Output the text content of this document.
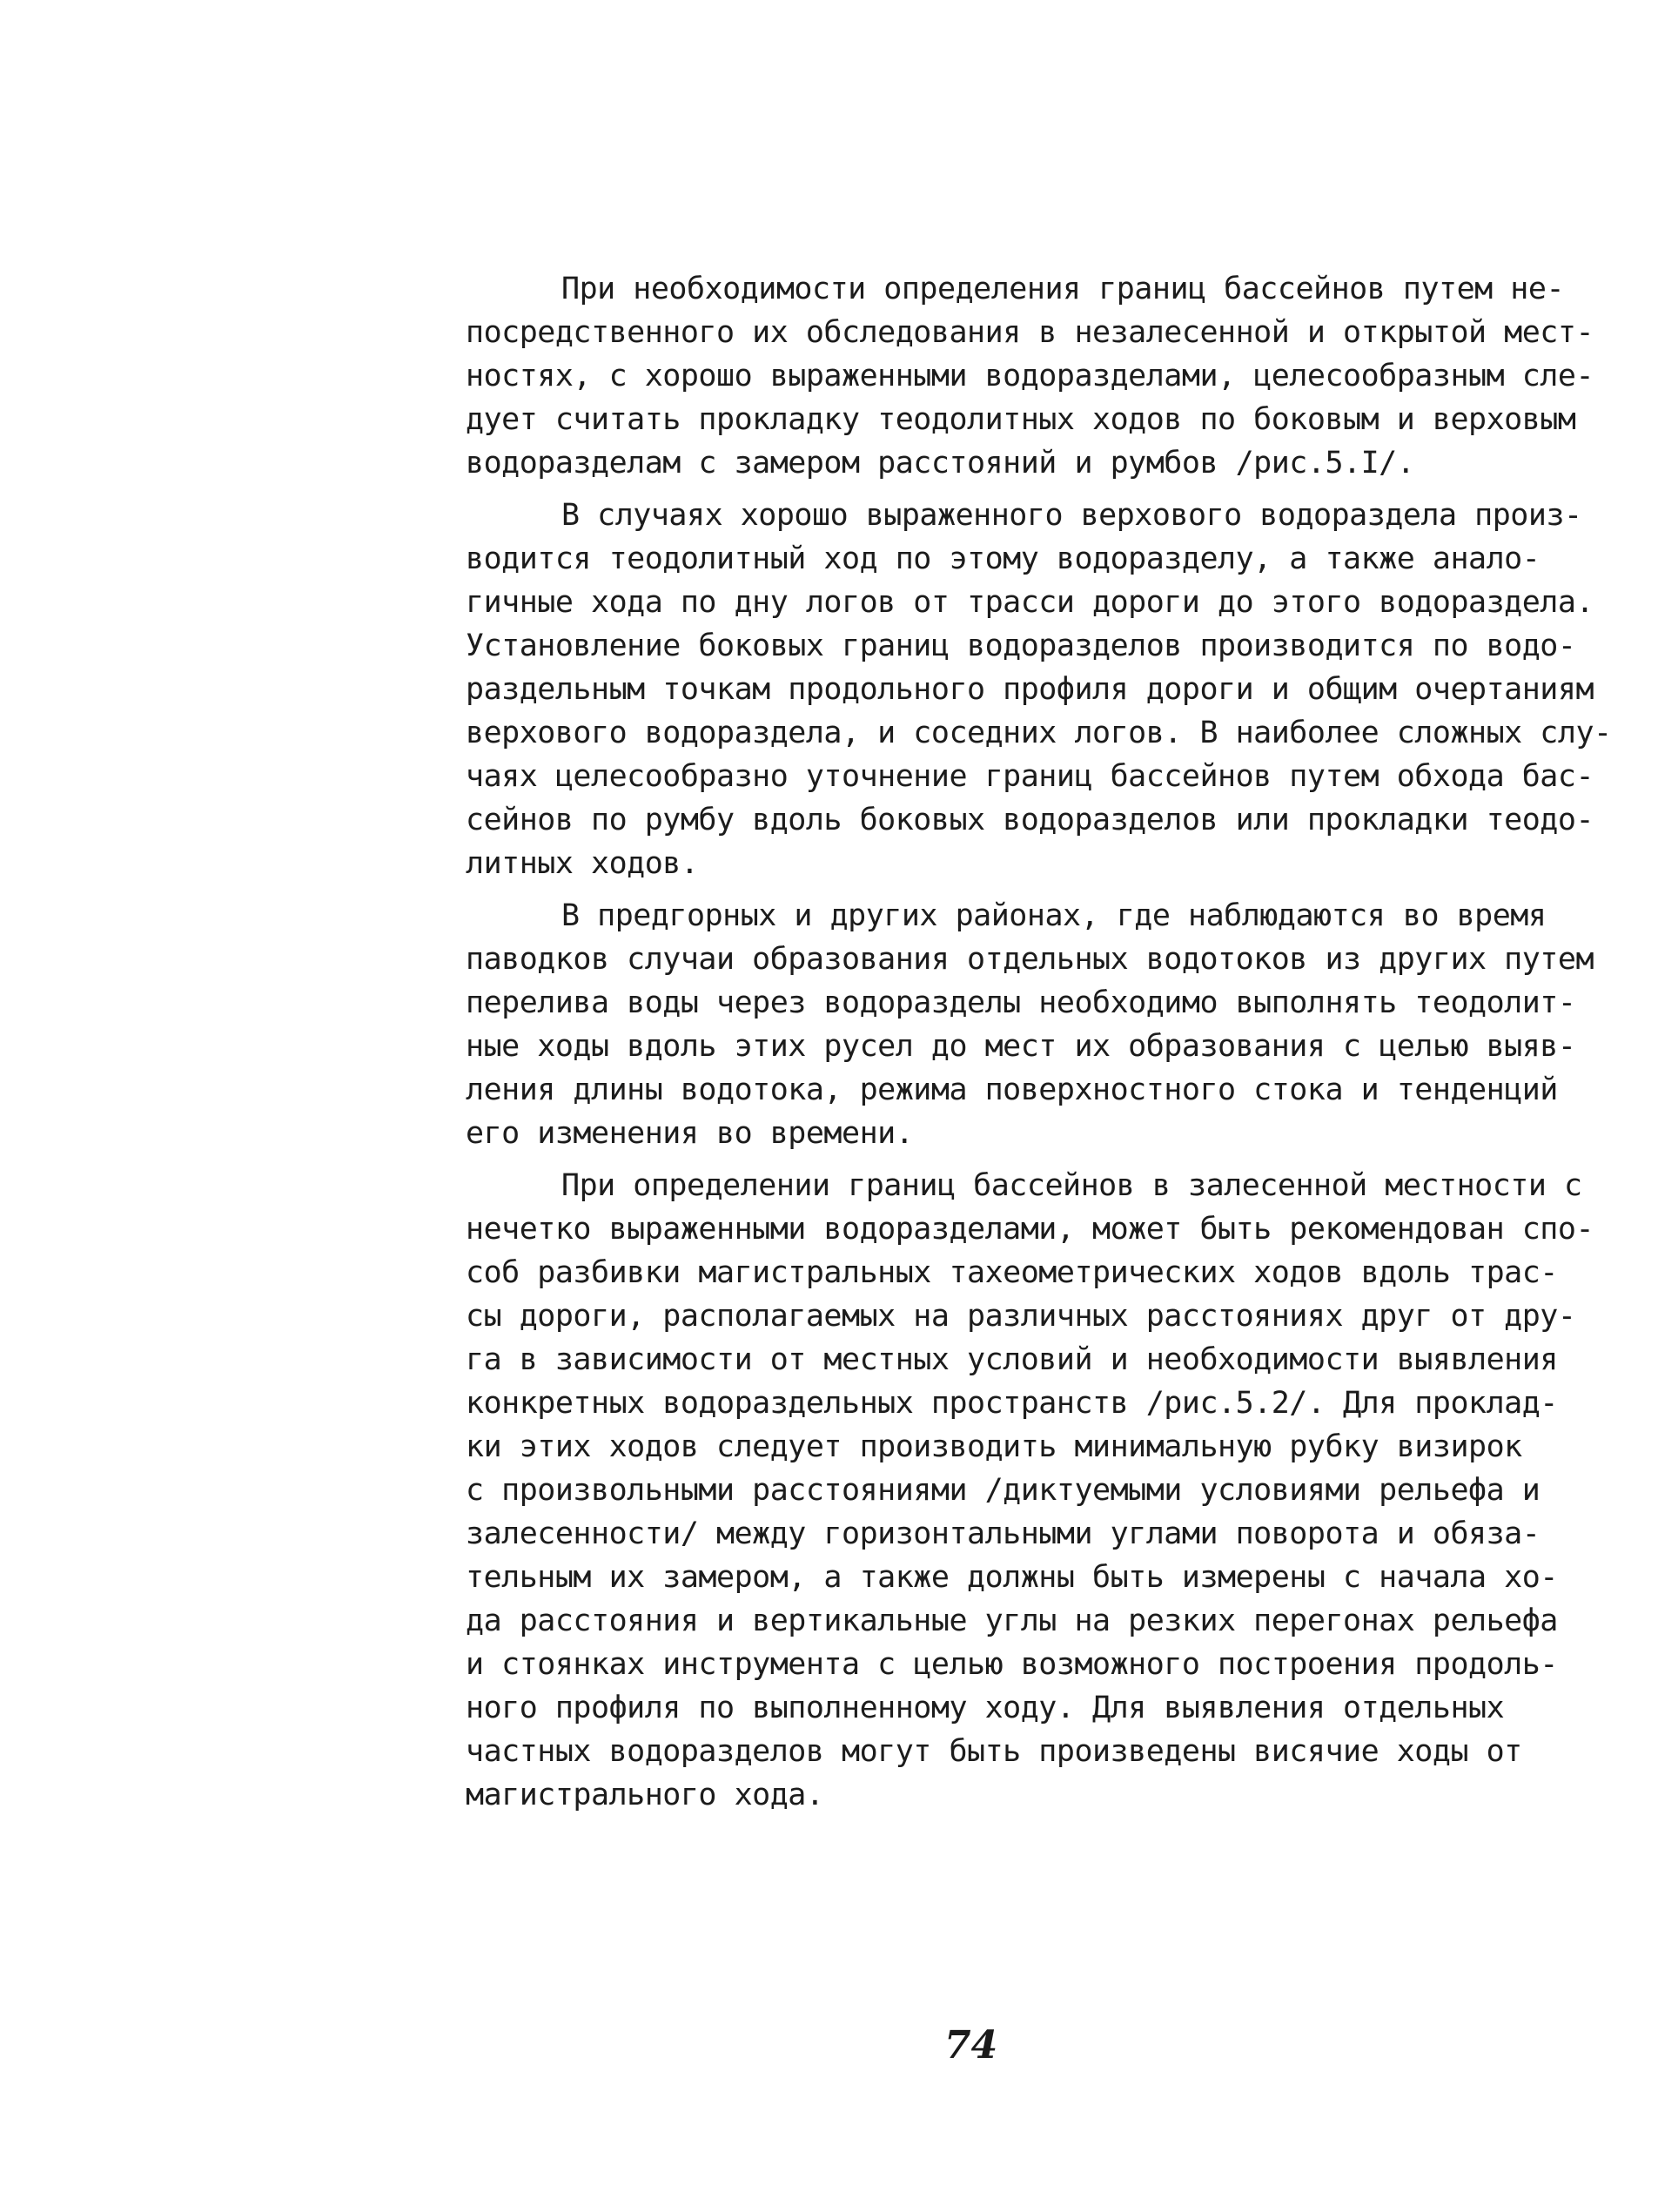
При необходимости определения границ бассейнов путем не-
посредственного их обследования в незалесенной и открытой мест-
ностях, с хорошо выраженными водоразделами, целесообразным сле-
дует считать прокладку теодолитных ходов по боковым и верховым
водоразделам с замером расстояний и румбов /рис.5.I/.
В случаях хорошо выраженного верхового водораздела произ-
водится теодолитный ход по этому водоразделу, а также анало-
гичные хода по дну логов от трасси дороги до этого водораздела.
Установление боковых границ водоразделов производится по водо-
раздельным точкам продольного профиля дороги и общим очертаниям
верхового водораздела, и соседних логов. В наиболее сложных слу-
чаях целесообразно уточнение границ бассейнов путем обхода бас-
сейнов по румбу вдоль боковых водоразделов или прокладки теодо-
литных ходов.
В предгорных и других районах, где наблюдаются во время
паводков случаи образования отдельных водотоков из других путем
перелива воды через водоразделы необходимо выполнять теодолит-
ные ходы вдоль этих русел до мест их образования с целью выяв-
ления длины водотока, режима поверхностного стока и тенденций
его изменения во времени.
При определении границ бассейнов в залесенной местности с
нечетко выраженными водоразделами, может быть рекомендован спо-
соб разбивки магистральных тахеометрических ходов вдоль трас-
сы дороги, располагаемых на различных расстояниях друг от дру-
га в зависимости от местных условий и необходимости выявления
конкретных водораздельных пространств /рис.5.2/. Для проклад-
ки этих ходов следует производить минимальную рубку визирок
с произвольными расстояниями /диктуемыми условиями рельефа и
залесенности/ между горизонтальными углами поворота и обяза-
тельным их замером, а также должны быть измерены с начала хо-
да расстояния и вертикальные углы на резких перегонах рельефа
и стоянках инструмента с целью возможного построения продоль-
ного профиля по выполненному ходу. Для выявления отдельных
частных водоразделов могут быть произведены висячие ходы от
магистрального хода.
74
